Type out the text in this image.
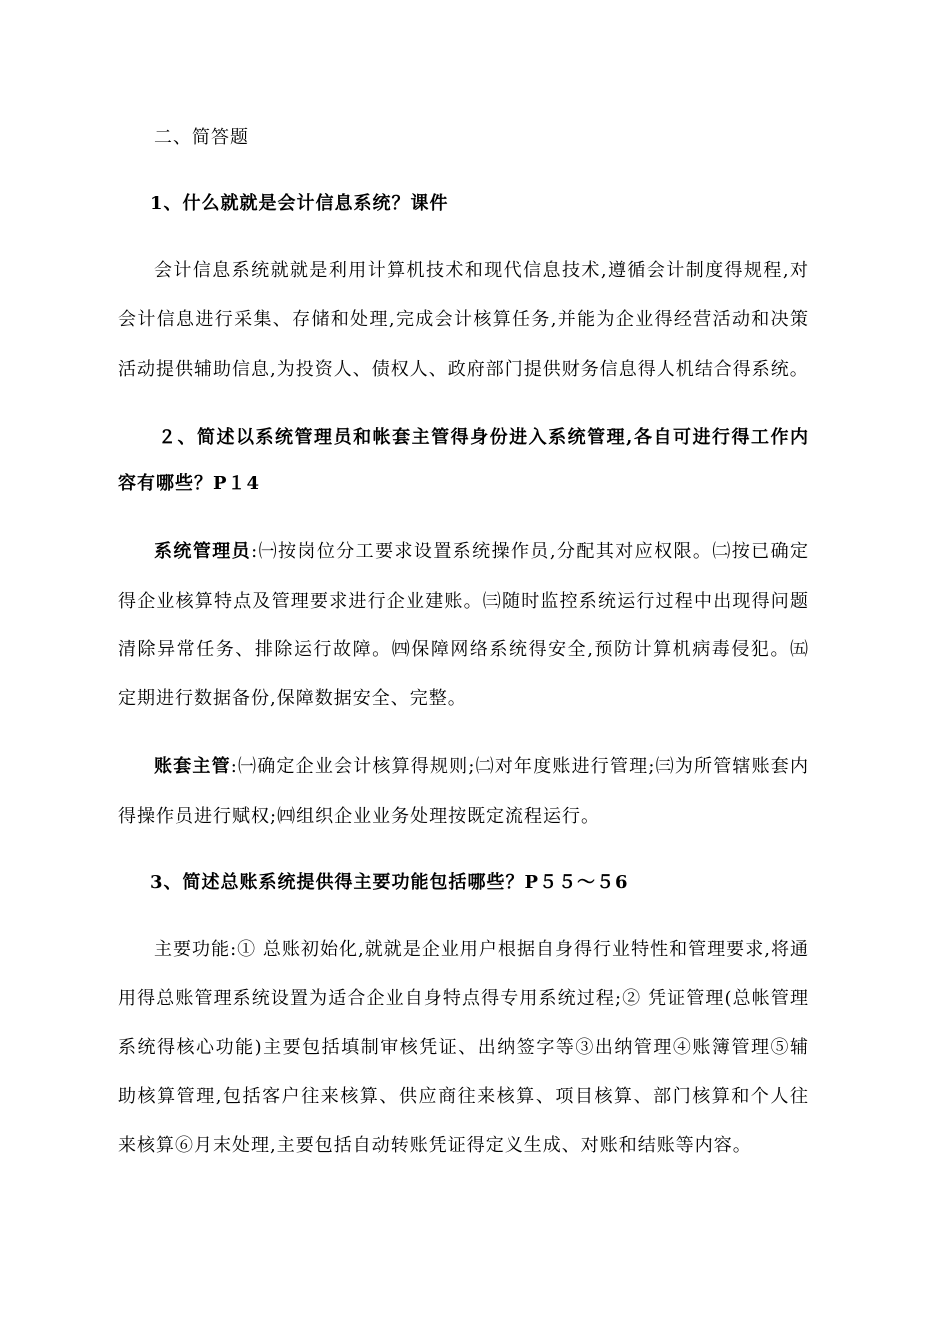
二、简答题

1、什么就就是会计信息系统？课件

会计信息系统就就是利用计算机技术和现代信息技术,遵循会计制度得规程,对

会计信息进行采集、存储和处理,完成会计核算任务,并能为企业得经营活动和决策

活动提供辅助信息,为投资人、债权人、政府部门提供财务信息得人机结合得系统。

２、简述以系统管理员和帐套主管得身份进入系统管理,各自可进行得工作内

容有哪些？P１4

系统管理员:㈠按岗位分工要求设置系统操作员,分配其对应权限。㈡按已确定

得企业核算特点及管理要求进行企业建账。㈢随时监控系统运行过程中出现得问题

清除异常任务、排除运行故障。㈣保障网络系统得安全,预防计算机病毒侵犯。㈤

定期进行数据备份,保障数据安全、完整。

账套主管:㈠确定企业会计核算得规则;㈡对年度账进行管理;㈢为所管辖账套内

得操作员进行赋权;㈣组织企业业务处理按既定流程运行。

3、简述总账系统提供得主要功能包括哪些？P５５～５6

主要功能:① 总账初始化,就就是企业用户根据自身得行业特性和管理要求,将通

用得总账管理系统设置为适合企业自身特点得专用系统过程;② 凭证管理(总帐管理

系统得核心功能)主要包括填制审核凭证、出纳签字等③出纳管理④账簿管理⑤辅

助核算管理,包括客户往来核算、供应商往来核算、项目核算、部门核算和个人往

来核算⑥月末处理,主要包括自动转账凭证得定义生成、对账和结账等内容。
